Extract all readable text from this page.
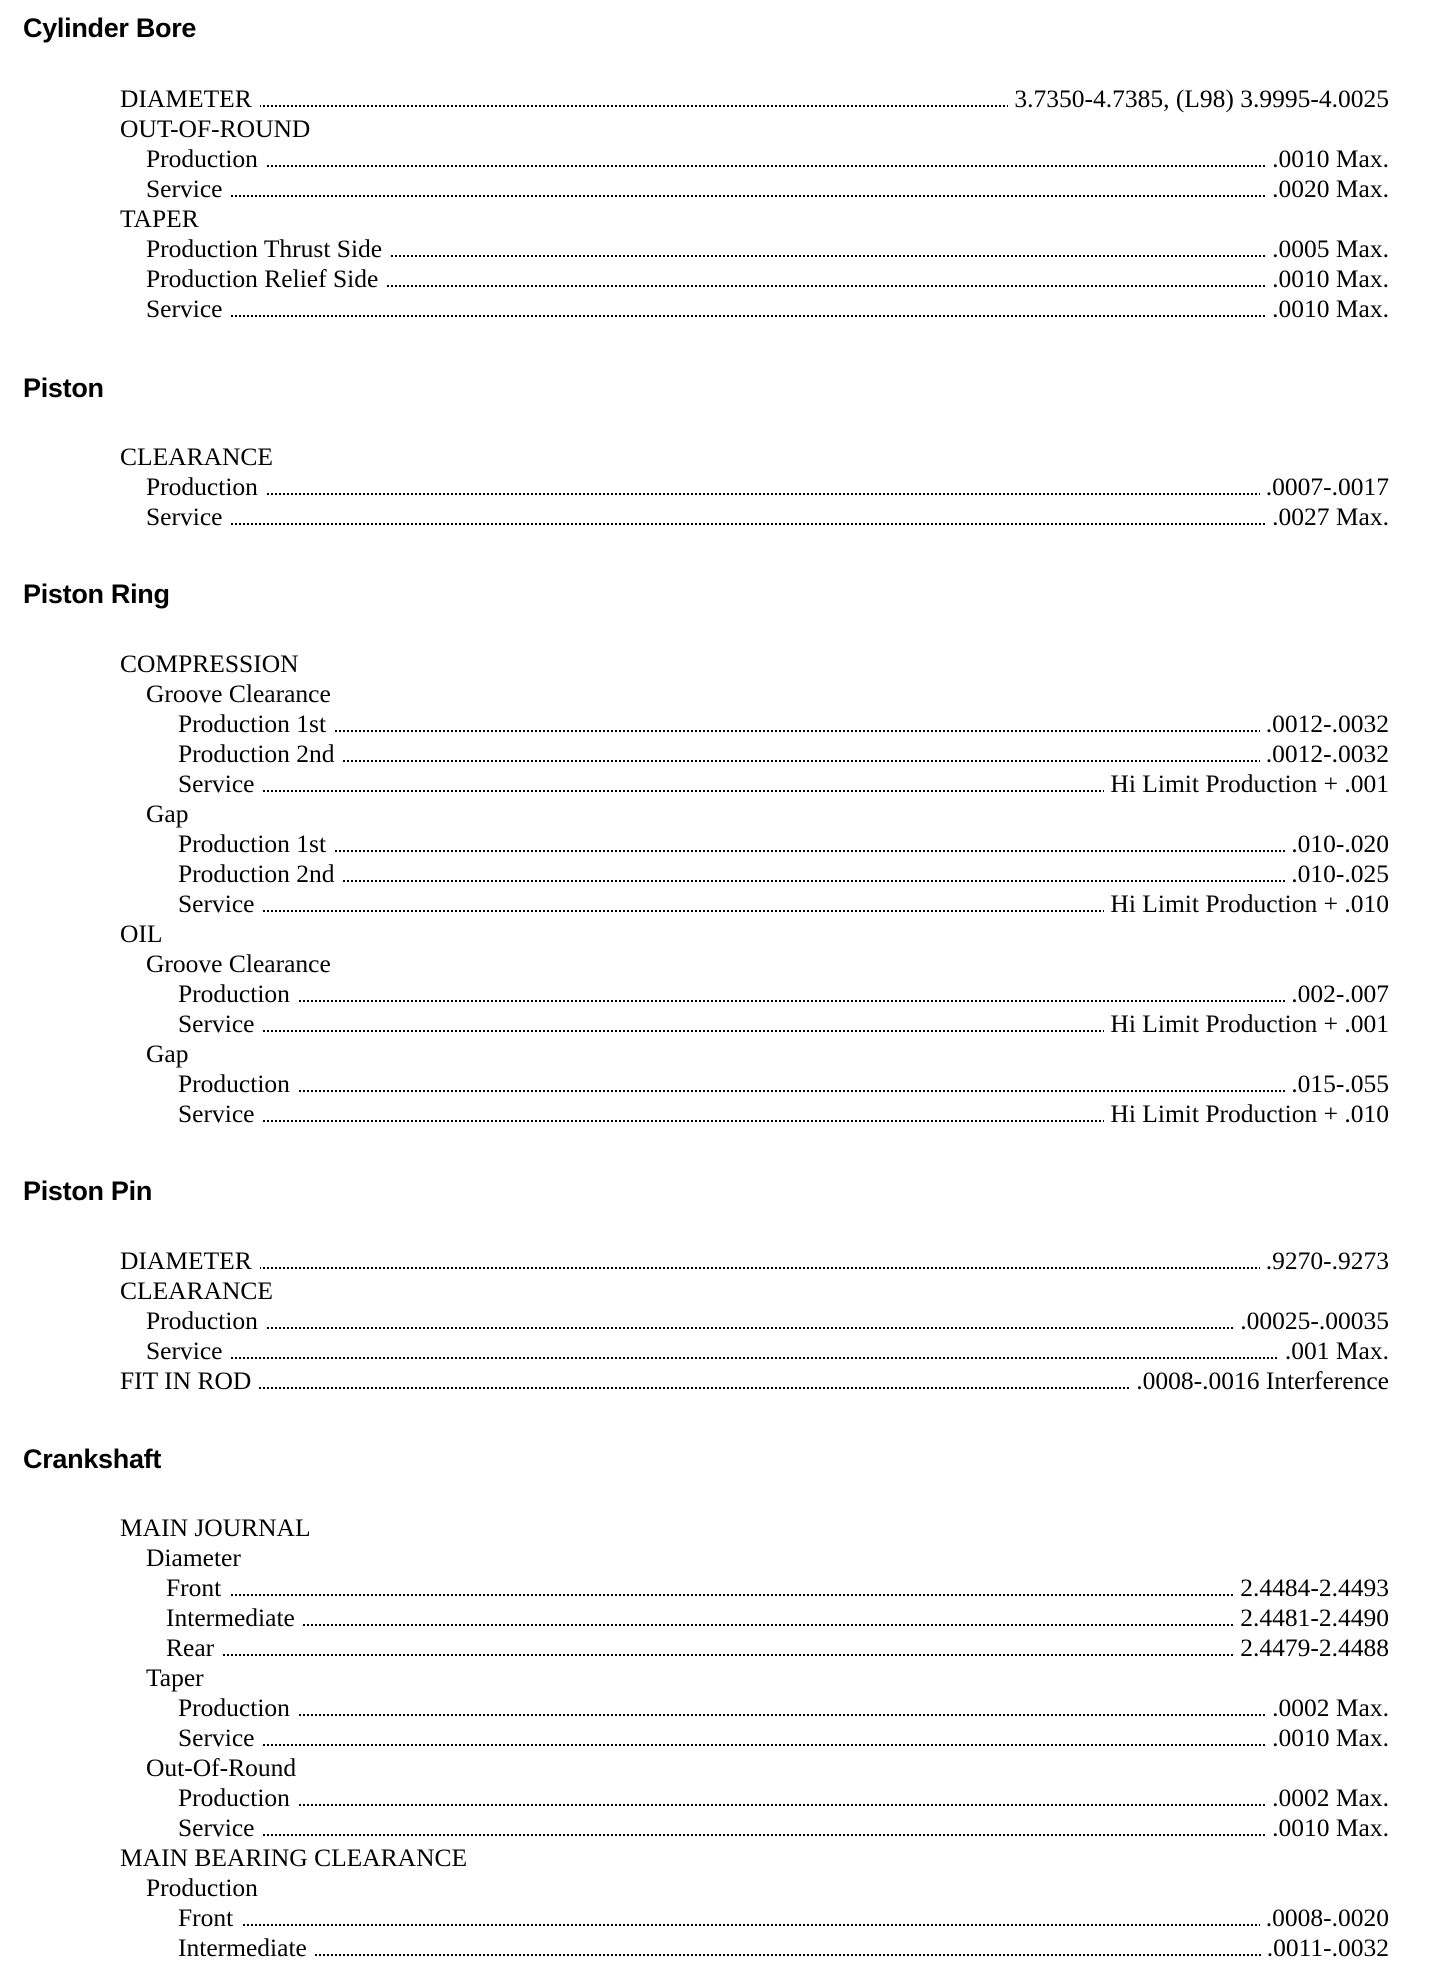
Cylinder Bore
DIAMETER	3.7350-4.7385, (L98) 3.9995-4.0025
OUT-OF-ROUND
Production	.0010 Max.
Service	.0020 Max.
TAPER
Production Thrust Side	.0005 Max.
Production Relief Side	.0010 Max.
Service	.0010 Max.
Piston
CLEARANCE
Production	.0007-.0017
Service	.0027 Max.
Piston Ring
COMPRESSION
Groove Clearance
Production 1st	.0012-.0032
Production 2nd	.0012-.0032
Service	Hi Limit Production + .001
Gap
Production 1st	.010-.020
Production 2nd	.010-.025
Service	Hi Limit Production + .010
OIL
Groove Clearance
Production	.002-.007
Service	Hi Limit Production + .001
Gap
Production	.015-.055
Service	Hi Limit Production + .010
Piston Pin
DIAMETER	.9270-.9273
CLEARANCE
Production	.00025-.00035
Service	.001 Max.
FIT IN ROD	.0008-.0016 Interference
Crankshaft
MAIN JOURNAL
Diameter
Front	2.4484-2.4493
Intermediate	2.4481-2.4490
Rear	2.4479-2.4488
Taper
Production	.0002 Max.
Service	.0010 Max.
Out-Of-Round
Production	.0002 Max.
Service	.0010 Max.
MAIN BEARING CLEARANCE
Production
Front	.0008-.0020
Intermediate	.0011-.0032
